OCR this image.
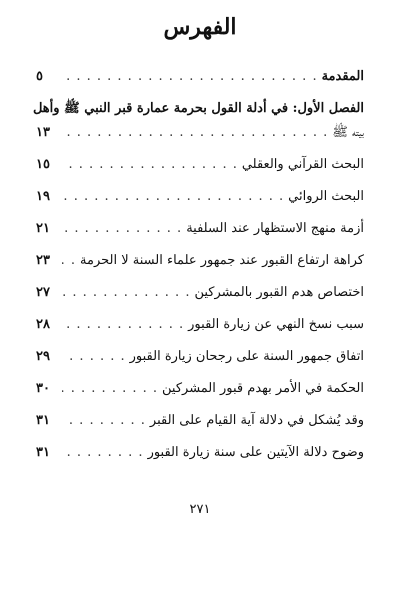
الفهرس
المقدمة
. . .
٥
الفصل الأول: في أدلة القول بحرمة عمارة قبر النبي ﷺ وأهل
بيته ﷺ
. . .
١٣
البحث القرآني والعقلي
. . .
١٥
البحث الروائي
. . .
١٩
أزمة منهج الاستظهار عند السلفية
. . .
٢١
كراهة ارتفاع القبور عند جمهور علماء السنة لا الحرمة
. . .
٢٣
اختصاص هدم القبور بالمشركين
. . .
٢٧
سبب نسخ النهي عن زيارة القبور
. . .
٢٨
اتفاق جمهور السنة على رجحان زيارة القبور
. . .
٢٩
الحكمة في الأمر بهدم قبور المشركين
. . .
٣٠
وقد يُشكل في دلالة آية القيام على القبر
. . .
٣١
وضوح دلالة الآيتين على سنة زيارة القبور
. . .
٣١
٢٧١
